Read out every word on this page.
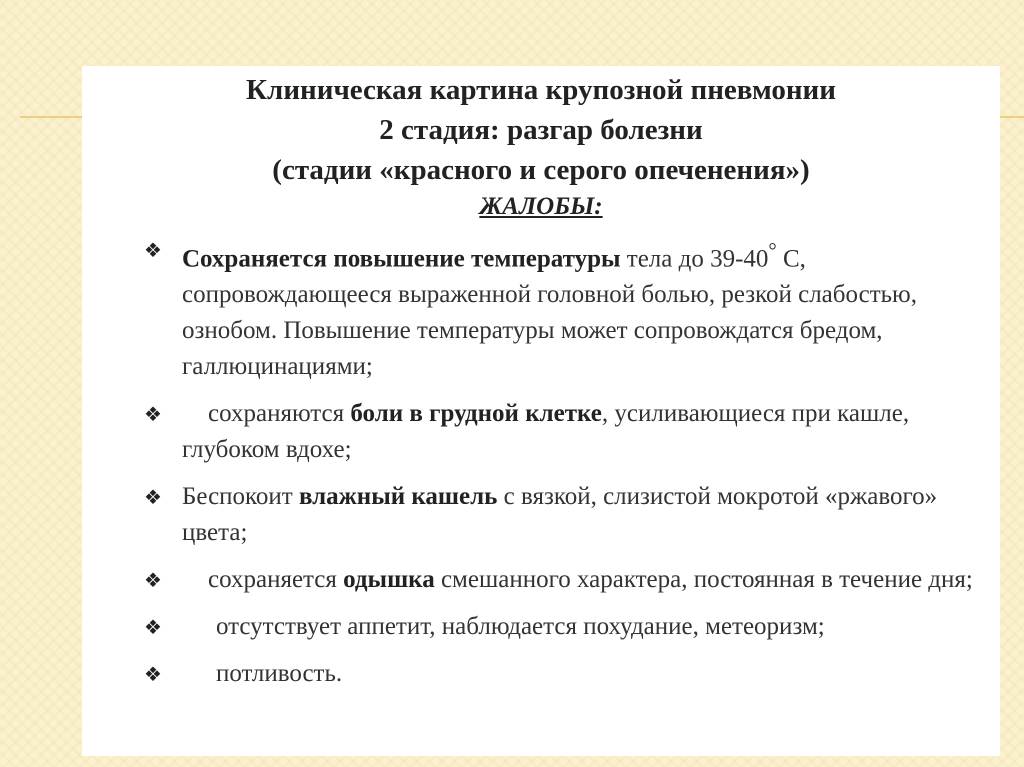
Клиническая картина крупозной пневмонии
2 стадия: разгар болезни
(стадии «красного и серого опеченения»)
ЖАЛОБЫ:
❖ Сохраняется повышение температуры тела до 39-40° С, сопровождающееся выраженной головной болью, резкой слабостью, ознобом. Повышение температуры может сопровождатся бредом, галлюцинациями;
❖ сохраняются боли в грудной клетке, усиливающиеся при кашле, глубоком вдохе;
❖ Беспокоит влажный кашель с вязкой, слизистой мокротой «ржавого» цвета;
❖ сохраняется одышка смешанного характера, постоянная в течение дня;
❖ отсутствует аппетит, наблюдается похудание, метеоризм;
❖ потливость.
